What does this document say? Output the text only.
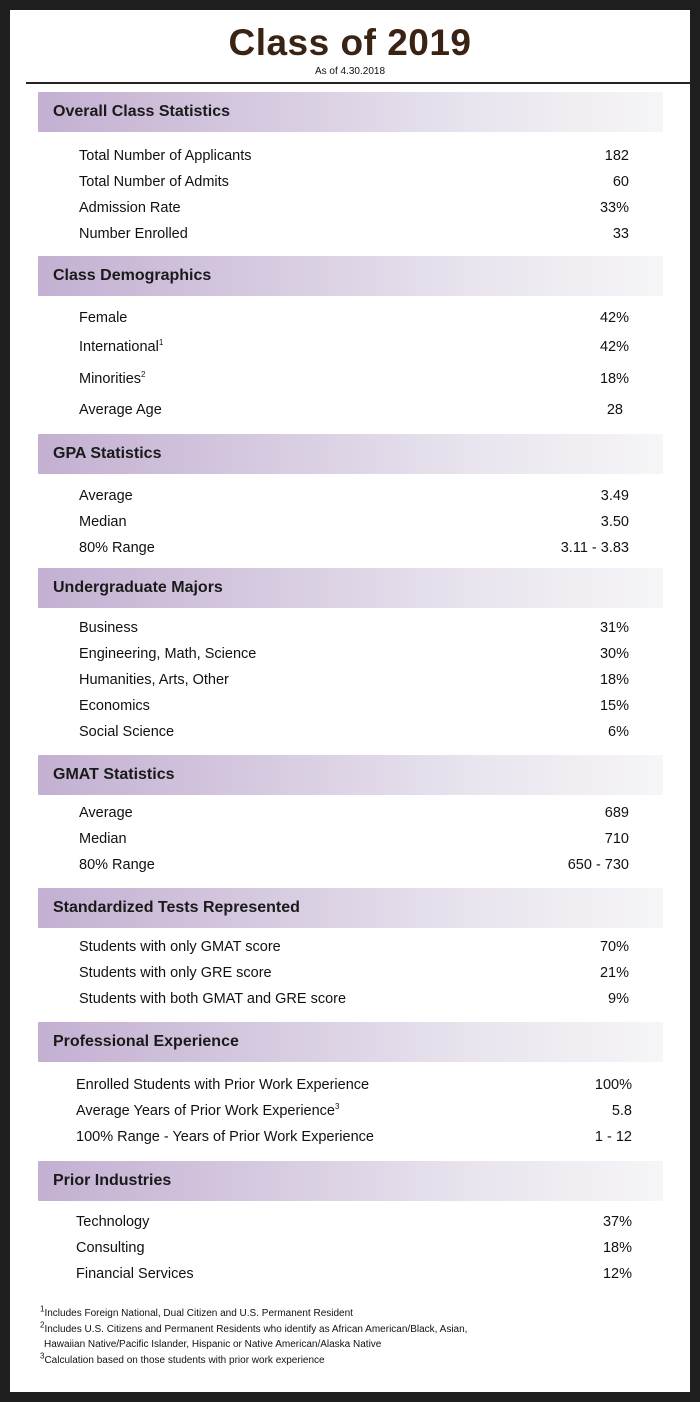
Class of 2019
As of 4.30.2018
Overall Class Statistics
Total Number of Applicants	182
Total Number of Admits	60
Admission Rate	33%
Number Enrolled	33
Class Demographics
Female	42%
International$^1$	42%
Minorities$^2$	18%
Average Age	28
GPA Statistics
Average	3.49
Median	3.50
80% Range	3.11 - 3.83
Undergraduate Majors
Business	31%
Engineering, Math, Science	30%
Humanities, Arts, Other	18%
Economics	15%
Social Science	6%
GMAT Statistics
Average	689
Median	710
80% Range	650 - 730
Standardized Tests Represented
Students with only GMAT score	70%
Students with only GRE score	21%
Students with both GMAT and GRE score	9%
Professional Experience
Enrolled Students with Prior Work Experience	100%
Average Years of Prior Work Experience$^3$	5.8
100% Range - Years of Prior Work Experience	1 - 12
Prior Industries
Technology	37%
Consulting	18%
Financial Services	12%
$^1$Includes Foreign National, Dual Citizen and U.S. Permanent Resident
$^2$Includes U.S. Citizens and Permanent Residents who identify as African American/Black, Asian,
Hawaiian Native/Pacific Islander, Hispanic or Native American/Alaska Native
$^3$Calculation based on those students with prior work experience
